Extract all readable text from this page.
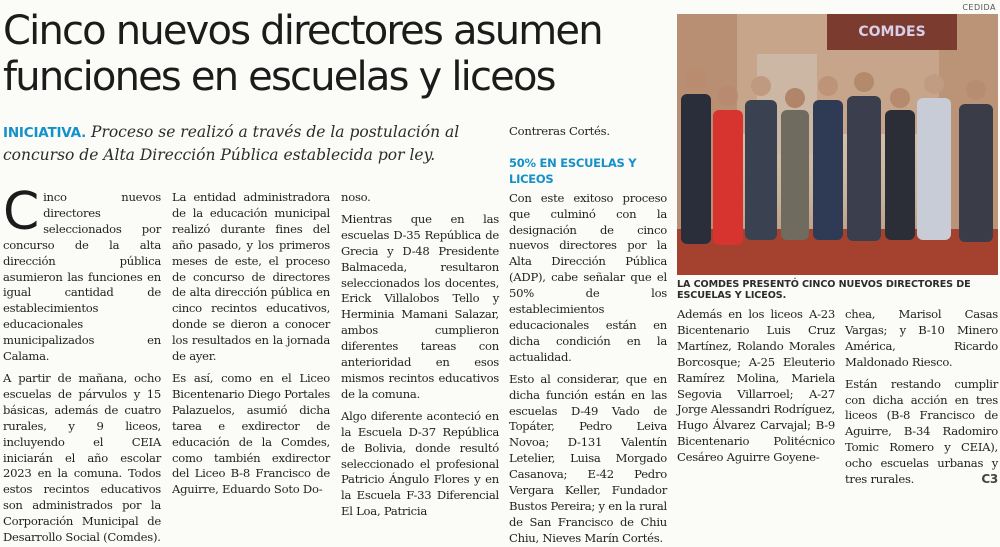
Cinco nuevos directores asumen funciones en escuelas y liceos
INICIATIVA. Proceso se realizó a través de la postulación al concurso de Alta Dirección Pública establecida por ley.

Cinco nuevos directores seleccionados por concurso de la alta dirección pública asumieron las funciones en igual cantidad de establecimientos educacionales municipalizados en Calama.

A partir de mañana, ocho escuelas de párvulos y 15 básicas, además de cuatro rurales, y 9 liceos, incluyendo el CEIA iniciarán el año escolar 2023 en la comuna. Todos estos recintos educativos son administrados por la Corporación Municipal de Desarrollo Social (Comdes).

La entidad administradora de la educación municipal realizó durante fines del año pasado, y los primeros meses de este, el proceso de concurso de directores de alta dirección pública en cinco recintos educativos, donde se dieron a conocer los resultados en la jornada de ayer.

Es así, como en el Liceo Bicentenario Diego Portales Palazuelos, asumió dicha tarea e exdirector de educación de la Comdes, como también exdirector del Liceo B-8 Francisco de Aguirre, Eduardo Soto Do-

noso.

Mientras que en las escuelas D-35 República de Grecia y D-48 Presidente Balmaceda, resultaron seleccionados los docentes, Erick Villalobos Tello y Herminia Mamani Salazar, ambos cumplieron diferentes tareas con anterioridad en esos mismos recintos educativos de la comuna.

Algo diferente aconteció en la Escuela D-37 República de Bolivia, donde resultó seleccionado el profesional Patricio Ángulo Flores y en la Escuela F-33 Diferencial El Loa, Patricia

Contreras Cortés.

50% EN ESCUELAS Y LICEOS

Con este exitoso proceso que culminó con la designación de cinco nuevos directores por la Alta Dirección Pública (ADP), cabe señalar que el 50% de los establecimientos educacionales están en dicha condición en la actualidad.

Esto al considerar, que en dicha función están en las escuelas D-49 Vado de Topáter, Pedro Leiva Novoa; D-131 Valentín Letelier, Luisa Morgado Casanova; E-42 Pedro Vergara Keller, Fundador Bustos Pereira; y en la rural de San Francisco de Chiu Chiu, Nieves Marín Cortés.

COMDES
CEDIDA
LA COMDES PRESENTÓ CINCO NUEVOS DIRECTORES DE ESCUELAS Y LICEOS.

Además en los liceos A-23 Bicentenario Luis Cruz Martínez, Rolando Morales Borcosque; A-25 Eleuterio Ramírez Molina, Mariela Segovia Villarroel; A-27 Jorge Alessandri Rodríguez, Hugo Álvarez Carvajal; B-9 Bicentenario Politécnico Cesáreo Aguirre Goyene-

chea, Marisol Casas Vargas; y B-10 Minero América, Ricardo Maldonado Riesco.

Están restando cumplir con dicha acción en tres liceos (B-8 Francisco de Aguirre, B-34 Radomiro Tomic Romero y CEIA), ocho escuelas urbanas y tres rurales.	C3
